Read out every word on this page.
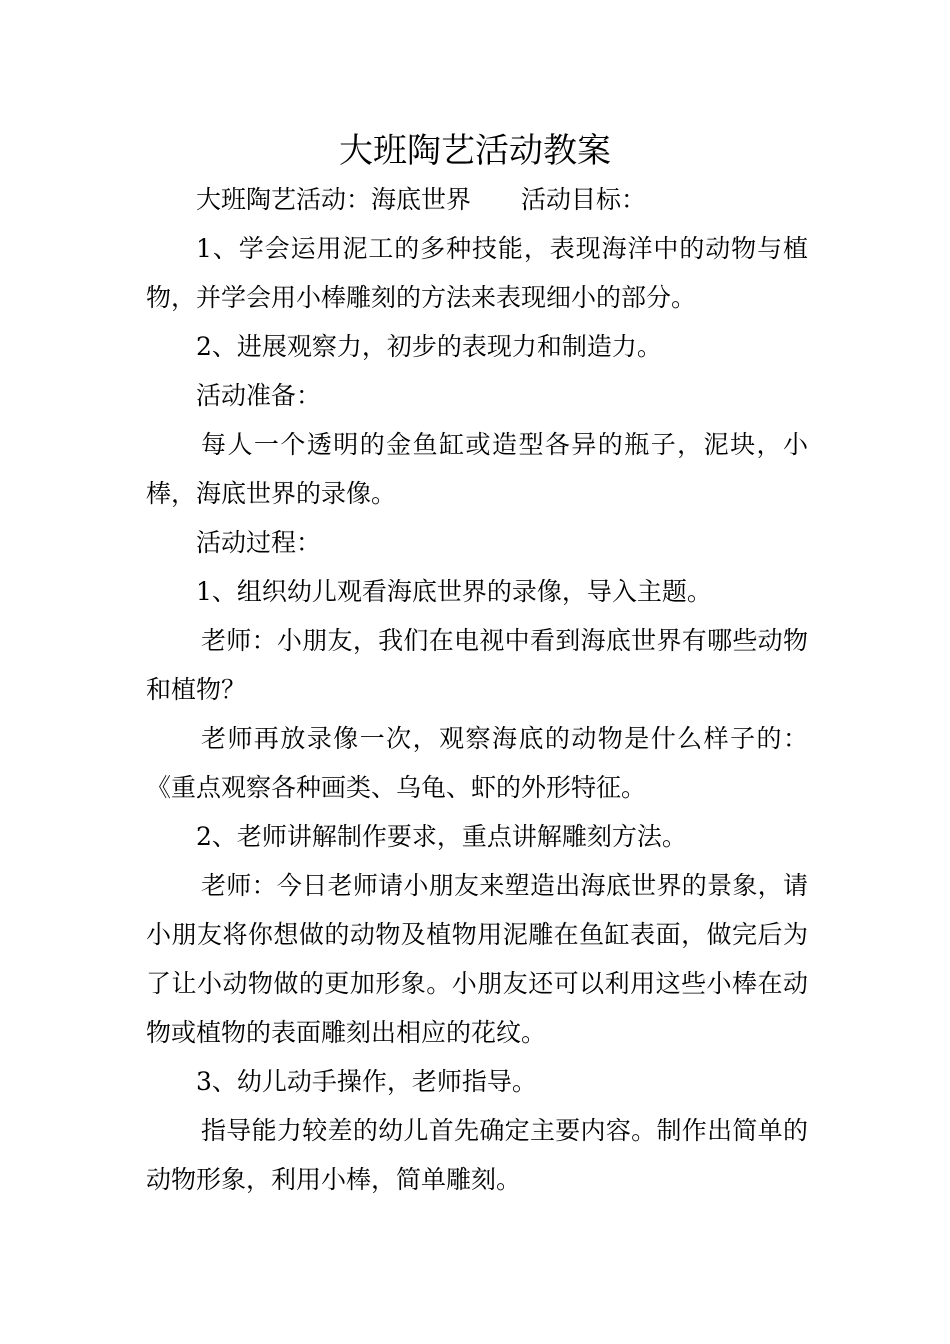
大班陶艺活动教案

大班陶艺活动：海底世界 活动目标：

1、学会运用泥工的多种技能，表现海洋中的动物与植物，并学会用小棒雕刻的方法来表现细小的部分。

2、进展观察力，初步的表现力和制造力。

活动准备：

每人一个透明的金鱼缸或造型各异的瓶子，泥块，小棒，海底世界的录像。

活动过程：

1、组织幼儿观看海底世界的录像，导入主题。

老师：小朋友，我们在电视中看到海底世界有哪些动物和植物？

老师再放录像一次，观察海底的动物是什么样子的：《重点观察各种画类、乌龟、虾的外形特征。

2、老师讲解制作要求，重点讲解雕刻方法。

老师：今日老师请小朋友来塑造出海底世界的景象，请小朋友将你想做的动物及植物用泥雕在鱼缸表面，做完后为了让小动物做的更加形象。小朋友还可以利用这些小棒在动物或植物的表面雕刻出相应的花纹。

3、幼儿动手操作，老师指导。

指导能力较差的幼儿首先确定主要内容。制作出简单的动物形象，利用小棒，简单雕刻。
